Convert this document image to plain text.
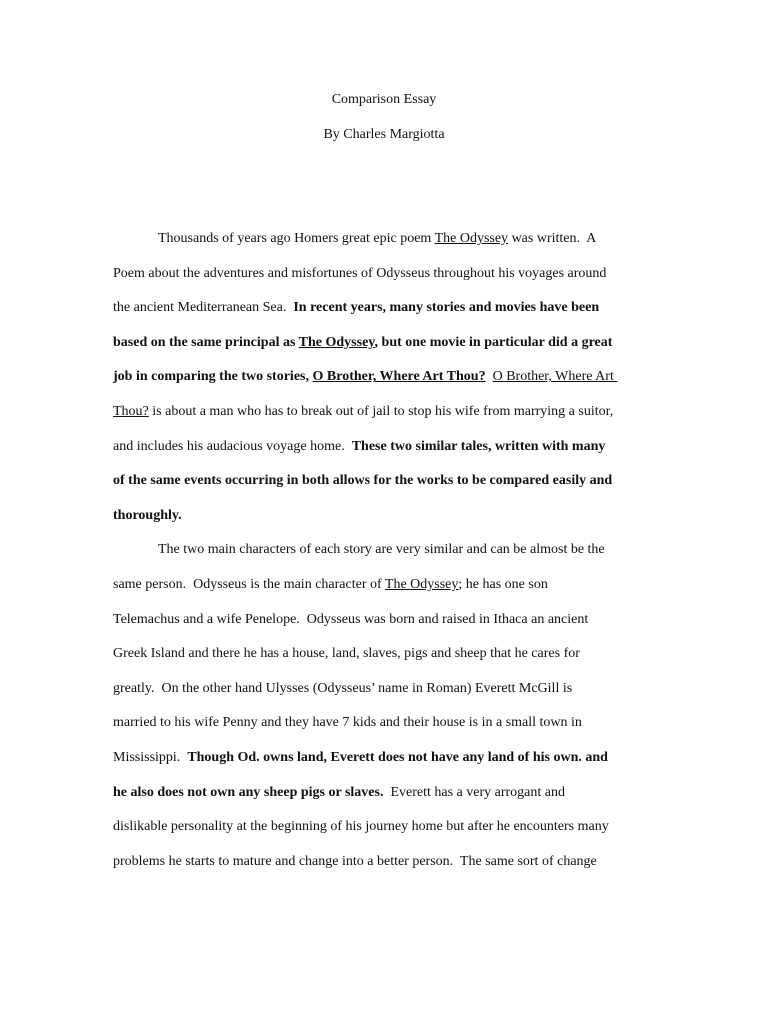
Comparison Essay
By Charles Margiotta
Thousands of years ago Homers great epic poem The Odyssey was written.  A
Poem about the adventures and misfortunes of Odysseus throughout his voyages around
the ancient Mediterranean Sea.  In recent years, many stories and movies have been
based on the same principal as The Odyssey, but one movie in particular did a great
job in comparing the two stories, O Brother, Where Art Thou? O Brother, Where Art
Thou? is about a man who has to break out of jail to stop his wife from marrying a suitor,
and includes his audacious voyage home.  These two similar tales, written with many
of the same events occurring in both allows for the works to be compared easily and
thoroughly.
The two main characters of each story are very similar and can be almost be the
same person.  Odysseus is the main character of The Odyssey; he has one son
Telemachus and a wife Penelope.  Odysseus was born and raised in Ithaca an ancient
Greek Island and there he has a house, land, slaves, pigs and sheep that he cares for
greatly.  On the other hand Ulysses (Odysseus’ name in Roman) Everett McGill is
married to his wife Penny and they have 7 kids and their house is in a small town in
Mississippi.  Though Od. owns land, Everett does not have any land of his own. and
he also does not own any sheep pigs or slaves.  Everett has a very arrogant and
dislikable personality at the beginning of his journey home but after he encounters many
problems he starts to mature and change into a better person.  The same sort of change
